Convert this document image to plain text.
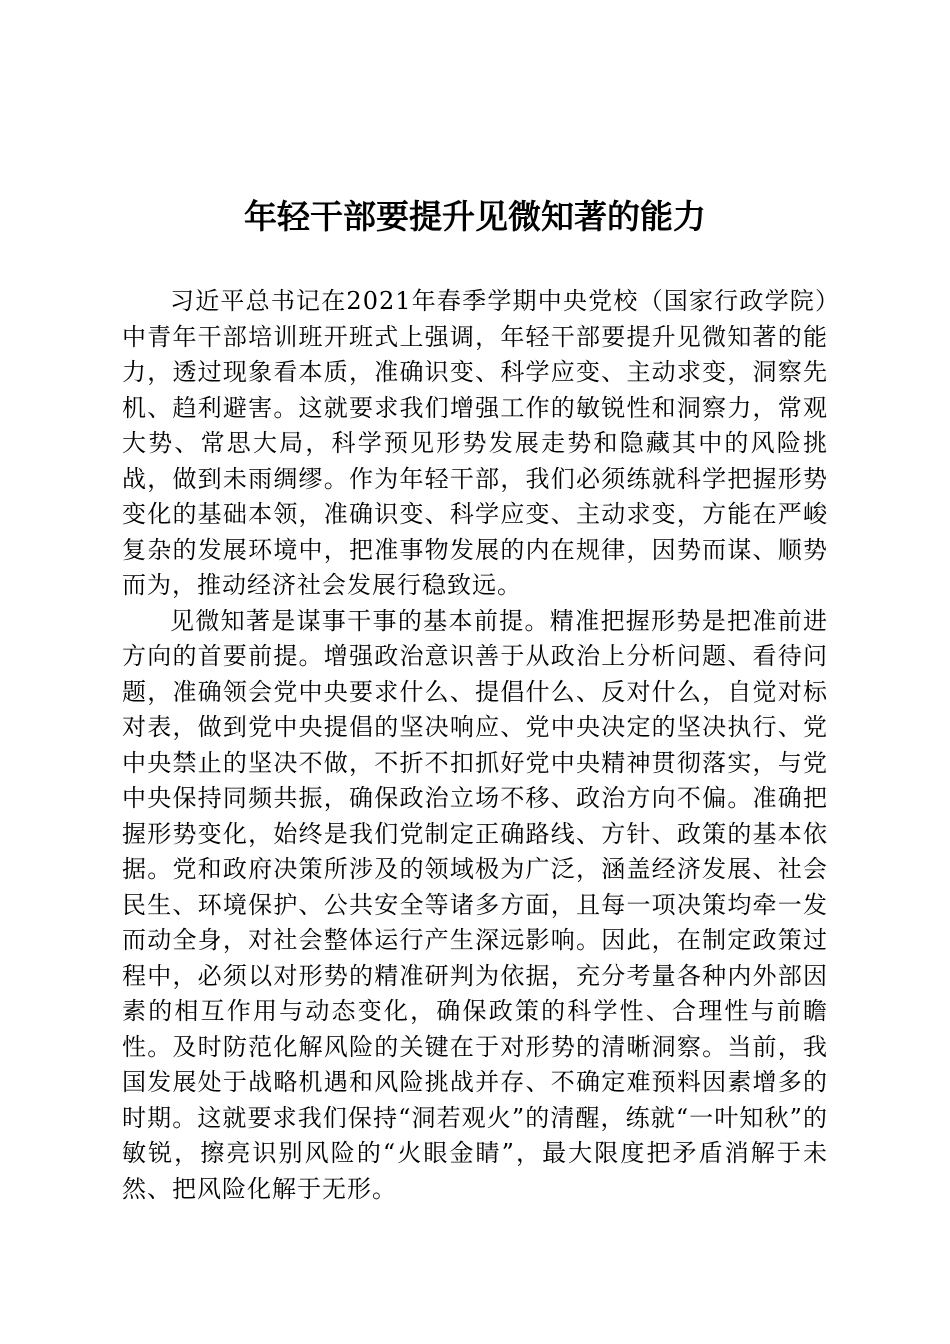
年轻干部要提升见微知著的能力

习近平总书记在2021年春季学期中央党校（国家行政学院）中青年干部培训班开班式上强调，年轻干部要提升见微知著的能力，透过现象看本质，准确识变、科学应变、主动求变，洞察先机、趋利避害。这就要求我们增强工作的敏锐性和洞察力，常观大势、常思大局，科学预见形势发展走势和隐藏其中的风险挑战，做到未雨绸缪。作为年轻干部，我们必须练就科学把握形势变化的基础本领，准确识变、科学应变、主动求变，方能在严峻复杂的发展环境中，把准事物发展的内在规律，因势而谋、顺势而为，推动经济社会发展行稳致远。

见微知著是谋事干事的基本前提。精准把握形势是把准前进方向的首要前提。增强政治意识善于从政治上分析问题、看待问题，准确领会党中央要求什么、提倡什么、反对什么，自觉对标对表，做到党中央提倡的坚决响应、党中央决定的坚决执行、党中央禁止的坚决不做，不折不扣抓好党中央精神贯彻落实，与党中央保持同频共振，确保政治立场不移、政治方向不偏。准确把握形势变化，始终是我们党制定正确路线、方针、政策的基本依据。党和政府决策所涉及的领域极为广泛，涵盖经济发展、社会民生、环境保护、公共安全等诸多方面，且每一项决策均牵一发而动全身，对社会整体运行产生深远影响。因此，在制定政策过程中，必须以对形势的精准研判为依据，充分考量各种内外部因素的相互作用与动态变化，确保政策的科学性、合理性与前瞻性。及时防范化解风险的关键在于对形势的清晰洞察。当前，我国发展处于战略机遇和风险挑战并存、不确定难预料因素增多的时期。这就要求我们保持“洞若观火”的清醒，练就“一叶知秋”的敏锐，擦亮识别风险的“火眼金睛”，最大限度把矛盾消解于未然、把风险化解于无形。
